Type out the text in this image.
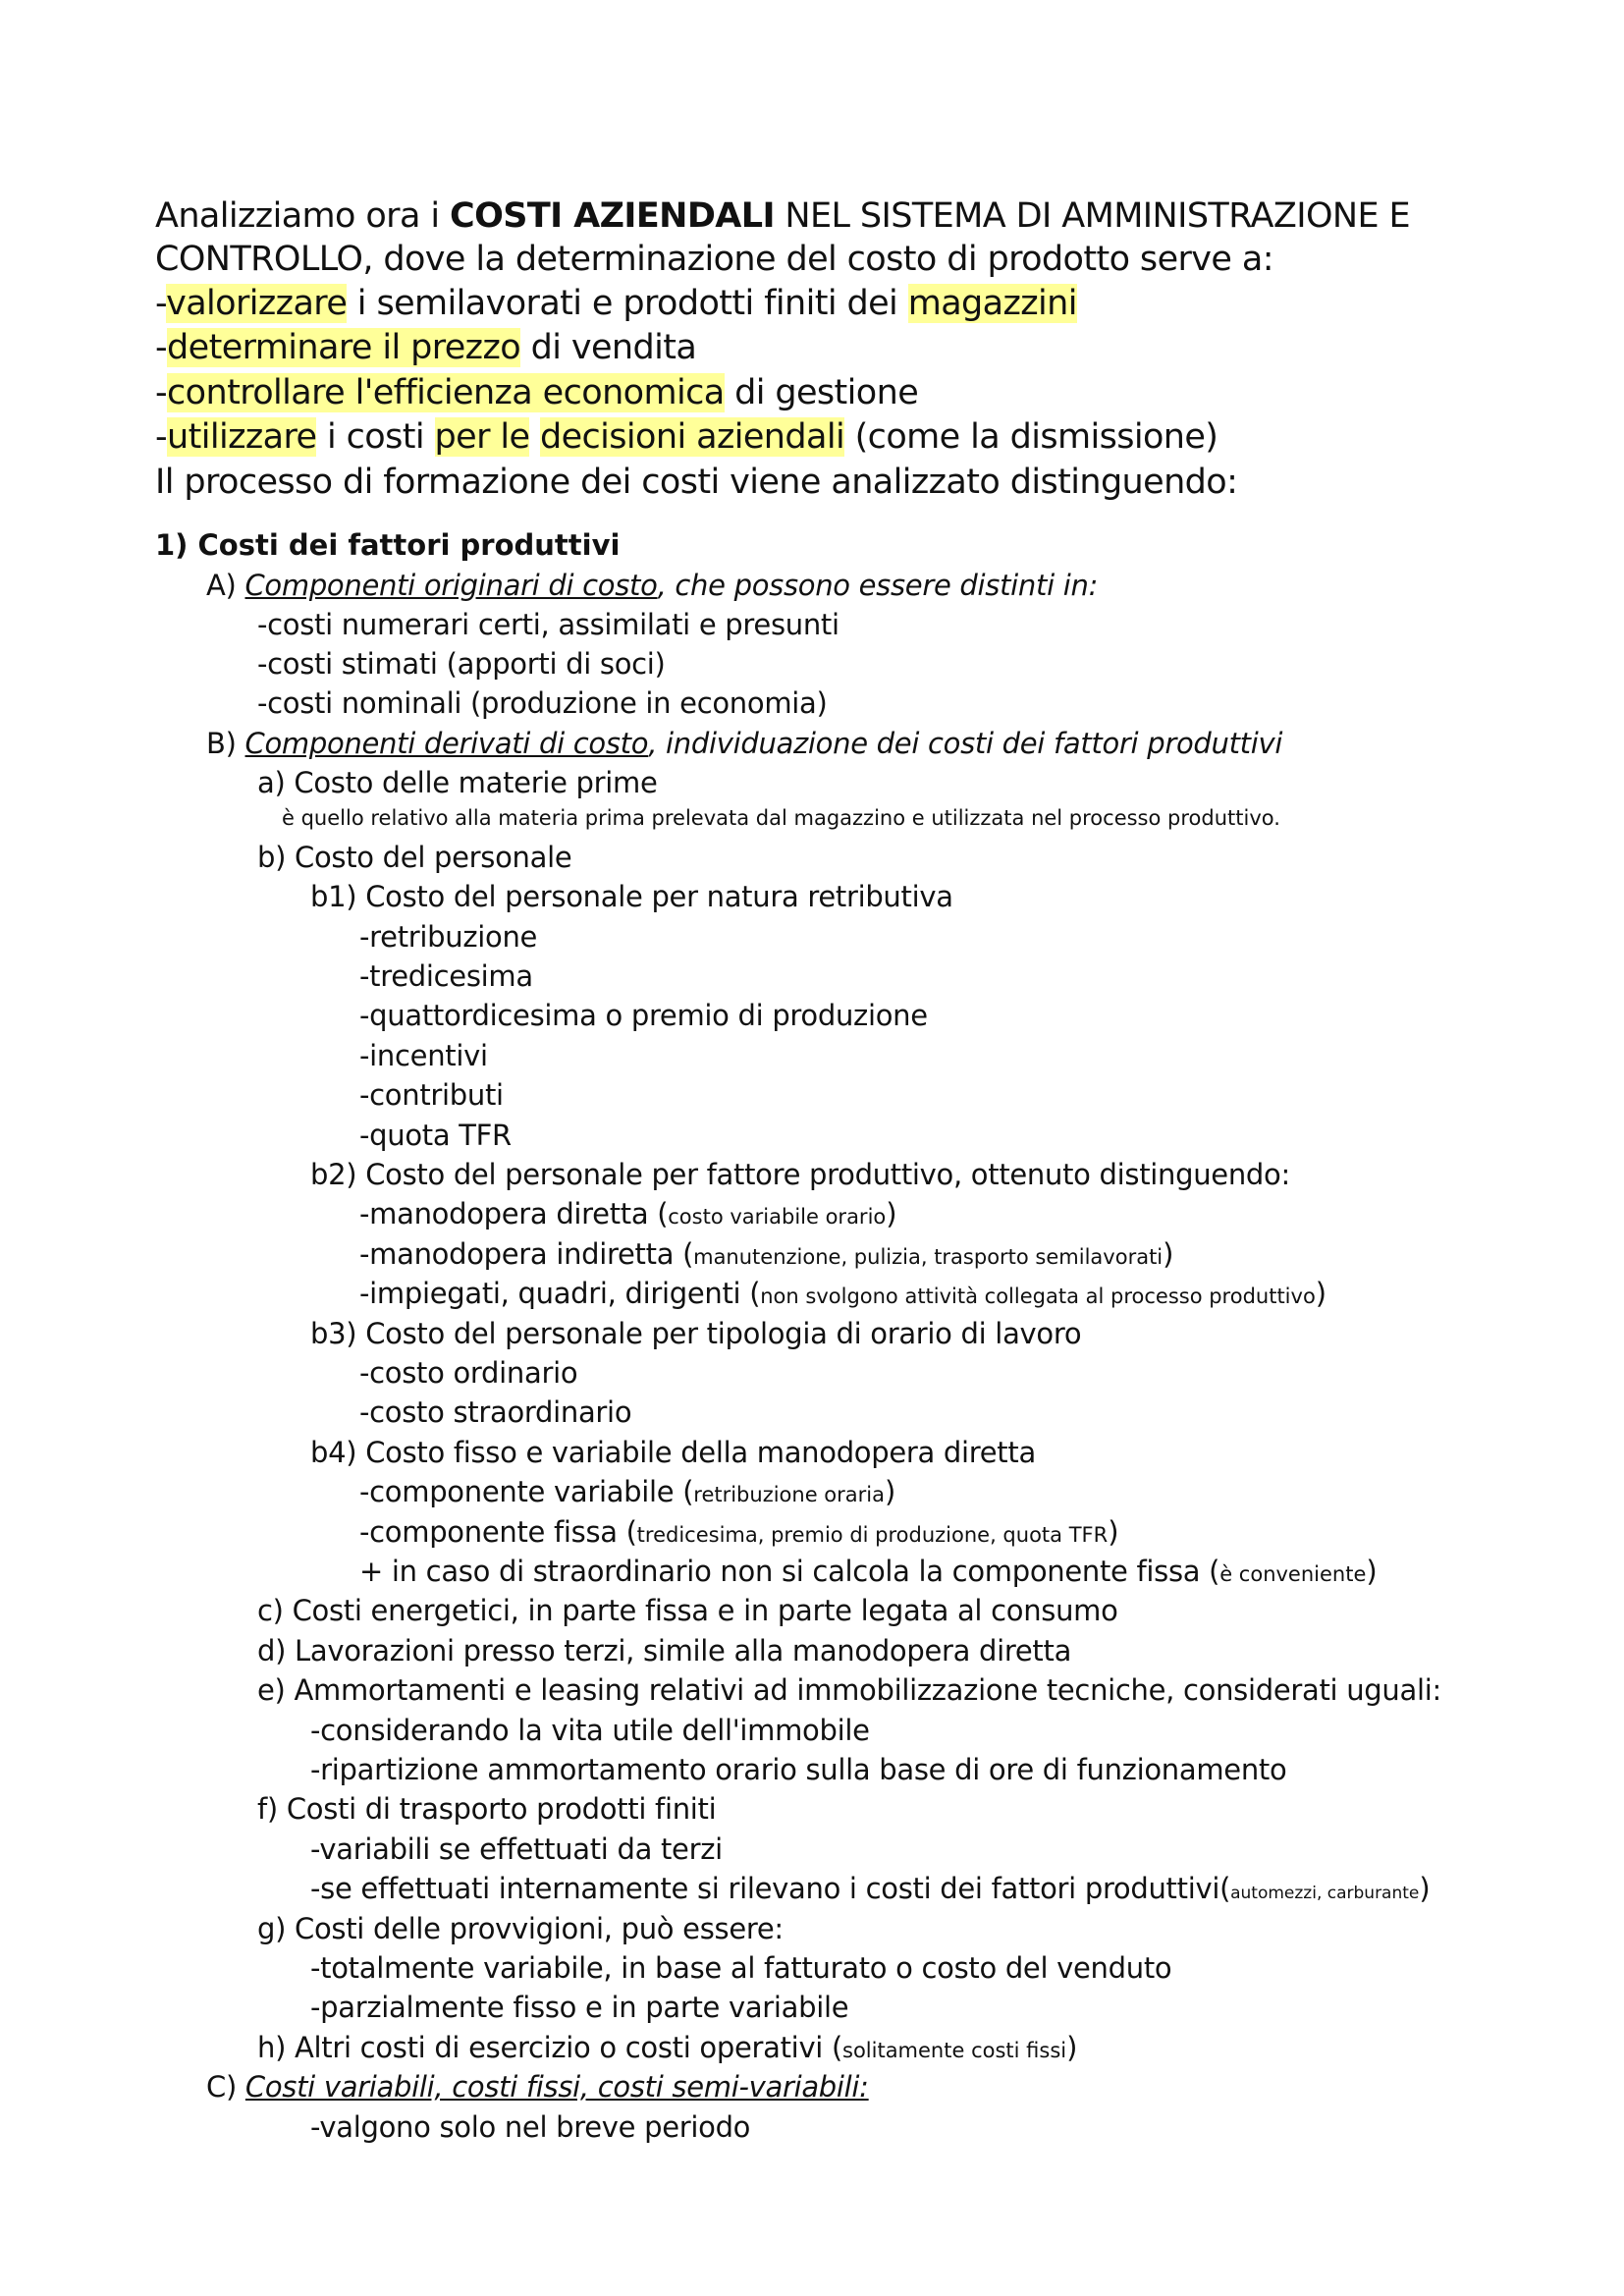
Analizziamo ora i COSTI AZIENDALI NEL SISTEMA DI AMMINISTRAZIONE E
CONTROLLO, dove la determinazione del costo di prodotto serve a:
-valorizzare i semilavorati e prodotti finiti dei magazzini
-determinare il prezzo di vendita
-controllare l'efficienza economica di gestione
-utilizzare i costi per le decisioni aziendali (come la dismissione)
Il processo di formazione dei costi viene analizzato distinguendo:
1) Costi dei fattori produttivi
A) Componenti originari di costo, che possono essere distinti in:
-costi numerari certi, assimilati e presunti
-costi stimati (apporti di soci)
-costi nominali (produzione in economia)
B) Componenti derivati di costo, individuazione dei costi dei fattori produttivi
a) Costo delle materie prime
è quello relativo alla materia prima prelevata dal magazzino e utilizzata nel processo produttivo.
b) Costo del personale
b1) Costo del personale per natura retributiva
-retribuzione
-tredicesima
-quattordicesima o premio di produzione
-incentivi
-contributi
-quota TFR
b2) Costo del personale per fattore produttivo, ottenuto distinguendo:
-manodopera diretta (costo variabile orario)
-manodopera indiretta (manutenzione, pulizia, trasporto semilavorati)
-impiegati, quadri, dirigenti (non svolgono attività collegata al processo produttivo)
b3) Costo del personale per tipologia di orario di lavoro
-costo ordinario
-costo straordinario
b4) Costo fisso e variabile della manodopera diretta
-componente variabile (retribuzione oraria)
-componente fissa (tredicesima, premio di produzione, quota TFR)
+ in caso di straordinario non si calcola la componente fissa (è conveniente)
c) Costi energetici, in parte fissa e in parte legata al consumo
d) Lavorazioni presso terzi, simile alla manodopera diretta
e) Ammortamenti e leasing relativi ad immobilizzazione tecniche, considerati uguali:
-considerando la vita utile dell'immobile
-ripartizione ammortamento orario sulla base di ore di funzionamento
f) Costi di trasporto prodotti finiti
-variabili se effettuati da terzi
-se effettuati internamente si rilevano i costi dei fattori produttivi(automezzi, carburante)
g) Costi delle provvigioni, può essere:
-totalmente variabile, in base al fatturato o costo del venduto
-parzialmente fisso e in parte variabile
h) Altri costi di esercizio o costi operativi (solitamente costi fissi)
C) Costi variabili, costi fissi, costi semi-variabili:
-valgono solo nel breve periodo
